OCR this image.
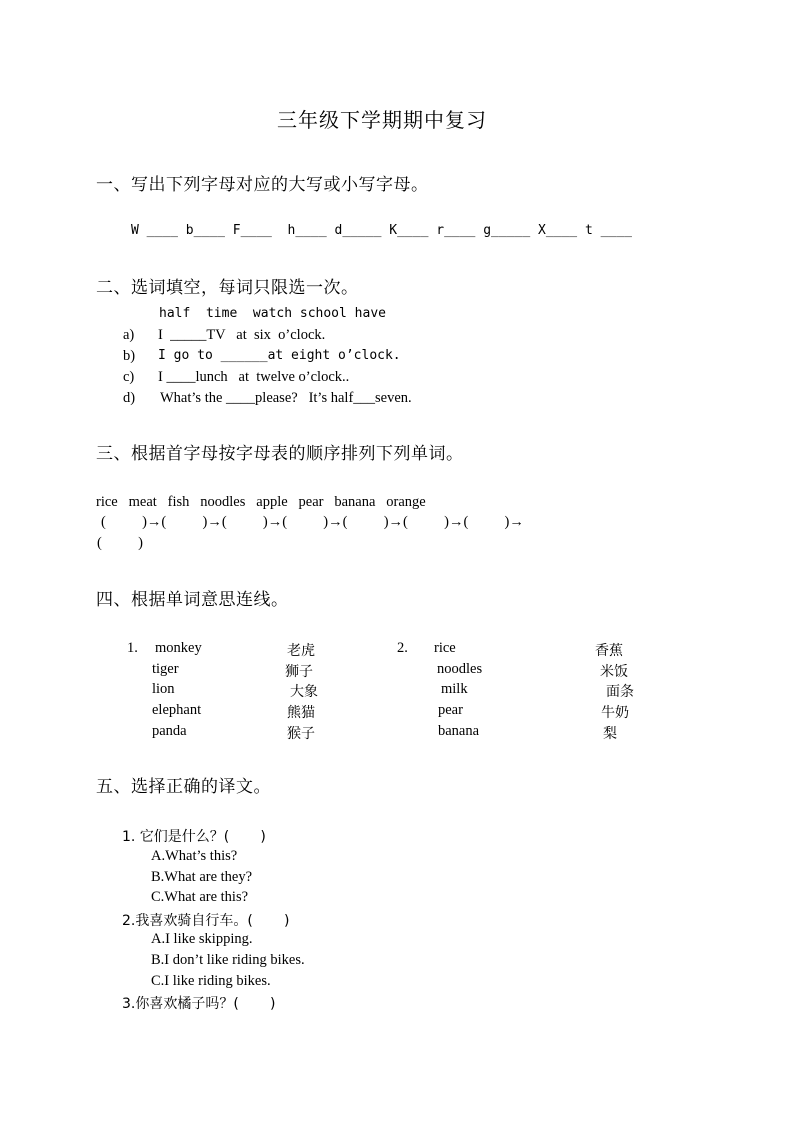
三年级下学期期中复习
一、写出下列字母对应的大写或小写字母。
W ____ b____ F____  h____ d_____ K____ r____ g_____ X____ t ____
二、选词填空，每词只限选一次。
half  time  watch school have
a) I  _____TV   at  six  o’clock.
b) I go to ______at eight o’clock.
c) I ____lunch   at  twelve o’clock..
d) What’s the ____please?   It’s half___seven.
三、根据首字母按字母表的顺序排列下列单词。
rice   meat   fish   noodles   apple   pear   banana   orange
(          )→(          )→(          )→(          )→(          )→(          )→(          )→
(          )
四、根据单词意思连线。
1. monkey
tiger
lion
elephant
panda
老虎
狮子
大象
熊猫
猴子
2. rice
noodles
milk
pear
banana
香蕉
米饭
面条
牛奶
梨
五、选择正确的译文。
1. 它们是什么？(       )
A.What’s this?
B.What are they?
C.What are this?
2.我喜欢骑自行车。(       )
A.I like skipping.
B.I don’t like riding bikes.
C.I like riding bikes.
3.你喜欢橘子吗？(       )
